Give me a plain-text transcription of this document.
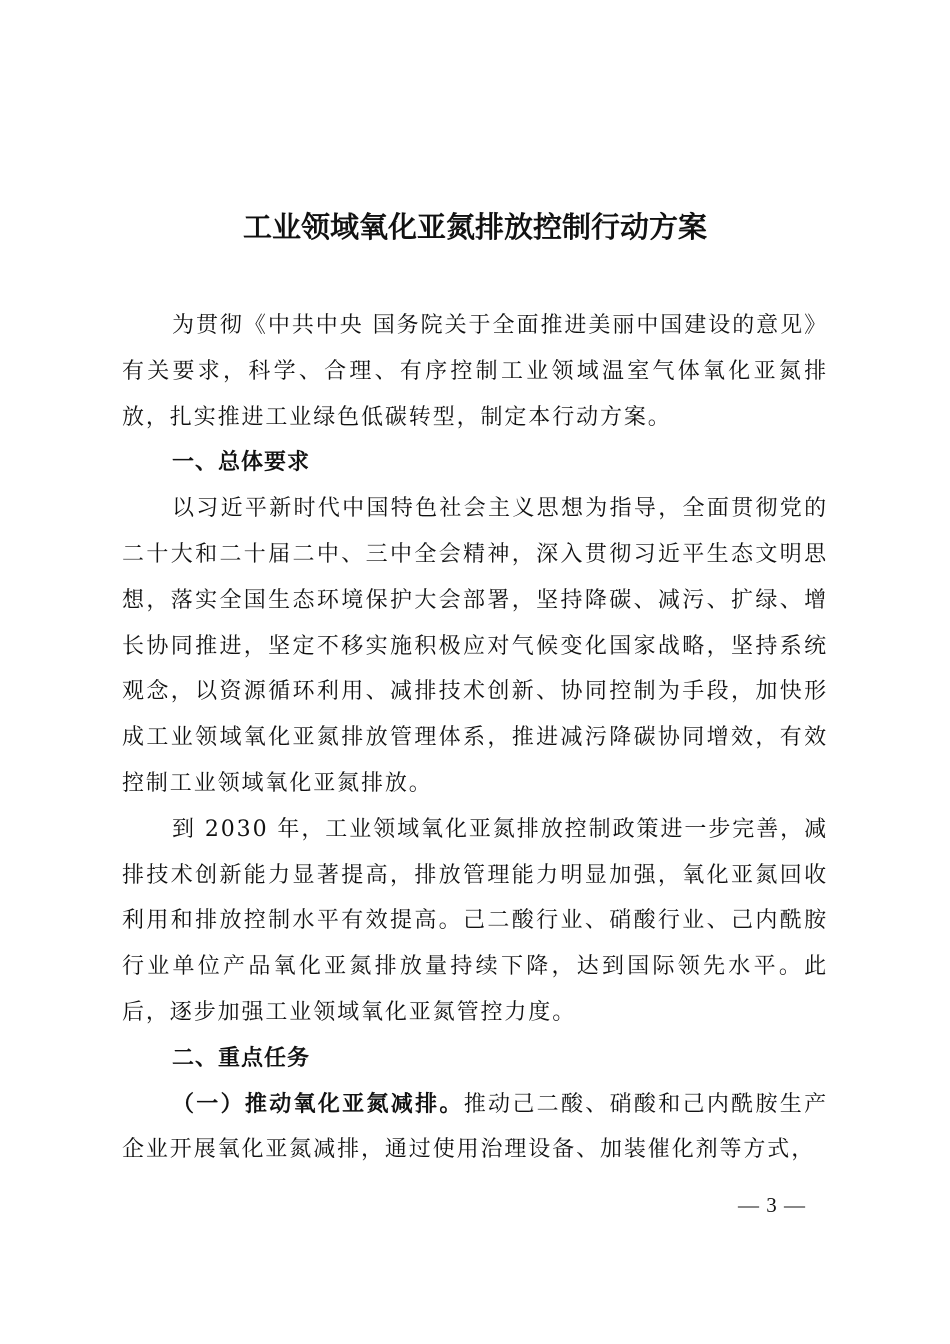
工业领域氧化亚氮排放控制行动方案

为贯彻《中共中央 国务院关于全面推进美丽中国建设的意见》有关要求，科学、合理、有序控制工业领域温室气体氧化亚氮排放，扎实推进工业绿色低碳转型，制定本行动方案。

一、总体要求

以习近平新时代中国特色社会主义思想为指导，全面贯彻党的二十大和二十届二中、三中全会精神，深入贯彻习近平生态文明思想，落实全国生态环境保护大会部署，坚持降碳、减污、扩绿、增长协同推进，坚定不移实施积极应对气候变化国家战略，坚持系统观念，以资源循环利用、减排技术创新、协同控制为手段，加快形成工业领域氧化亚氮排放管理体系，推进减污降碳协同增效，有效控制工业领域氧化亚氮排放。

到 2030 年，工业领域氧化亚氮排放控制政策进一步完善，减排技术创新能力显著提高，排放管理能力明显加强，氧化亚氮回收利用和排放控制水平有效提高。己二酸行业、硝酸行业、己内酰胺行业单位产品氧化亚氮排放量持续下降，达到国际领先水平。此后，逐步加强工业领域氧化亚氮管控力度。

二、重点任务

（一）推动氧化亚氮减排。推动己二酸、硝酸和己内酰胺生产企业开展氧化亚氮减排，通过使用治理设备、加装催化剂等方式，

— 3 —
